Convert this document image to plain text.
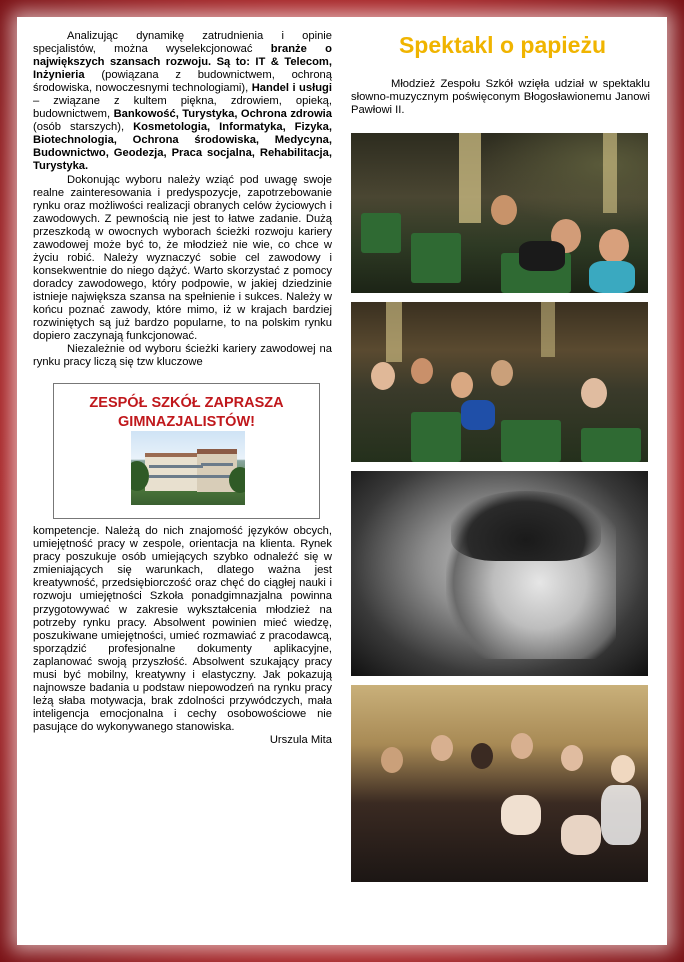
Analizując dynamikę zatrudnienia i opinie specjalistów, można wyselekcjonować branże o największych szansach rozwoju. Są to: IT & Telecom, Inżynieria (powiązana z budownictwem, ochroną środowiska, nowoczesnymi technologiami), Handel i usługi – związane z kultem piękna, zdrowiem, opieką, budownictwem, Bankowość, Turystyka, Ochrona zdrowia (osób starszych), Kosmetologia, Informatyka, Fizyka, Biotechnologia, Ochrona środowiska, Medycyna, Budownictwo, Geodezja, Praca socjalna, Rehabilitacja, Turystyka.

Dokonując wyboru należy wziąć pod uwagę swoje realne zainteresowania i predyspozycje, zapotrzebowanie rynku oraz możliwości realizacji obranych celów życiowych i zawodowych. Z pewnością nie jest to łatwe zadanie. Dużą przeszkodą w owocnych wyborach ścieżki rozwoju kariery zawodowej może być to, że młodzież nie wie, co chce w życiu robić. Należy wyznaczyć sobie cel zawodowy i konsekwentnie do niego dążyć. Warto skorzystać z pomocy doradcy zawodowego, który podpowie, w jakiej dziedzinie istnieje największa szansa na spełnienie i sukces. Należy w końcu poznać zawody, które mimo, iż w krajach bardziej rozwiniętych są już bardzo popularne, to na polskim rynku dopiero zaczynają funkcjonować.

Niezależnie od wyboru ścieżki kariery zawodowej na rynku pracy liczą się tzw kluczowe

ZESPÓŁ SZKÓŁ ZAPRASZA
GIMNAZJALISTÓW!

kompetencje. Należą do nich znajomość języków obcych, umiejętność pracy w zespole, orientacja na klienta. Rynek pracy poszukuje osób umiejących szybko odnaleźć się w zmieniających się warunkach, dlatego ważna jest kreatywność, przedsiębiorczość oraz chęć do ciągłej nauki i rozwoju umiejętności Szkoła ponadgimnazjalna powinna przygotowywać w zakresie wykształcenia młodzież na potrzeby rynku pracy. Absolwent powinien mieć wiedzę, poszukiwane umiejętności, umieć rozmawiać z pracodawcą, sporządzić profesjonalne dokumenty aplikacyjne, zaplanować swoją przyszłość. Absolwent szukający pracy musi być mobilny, kreatywny i elastyczny. Jak pokazują najnowsze badania u podstaw niepowodzeń na rynku pracy leżą słaba motywacja, brak zdolności przywódczych, mała inteligencja emocjonalna i cechy osobowościowe nie pasujące do wykonywanego stanowiska.

Urszula Mita
Spektakl o papieżu

Młodzież Zespołu Szkół wzięła udział w spektaklu słowno-muzycznym poświęconym Błogosławionemu Janowi Pawłowi II.
